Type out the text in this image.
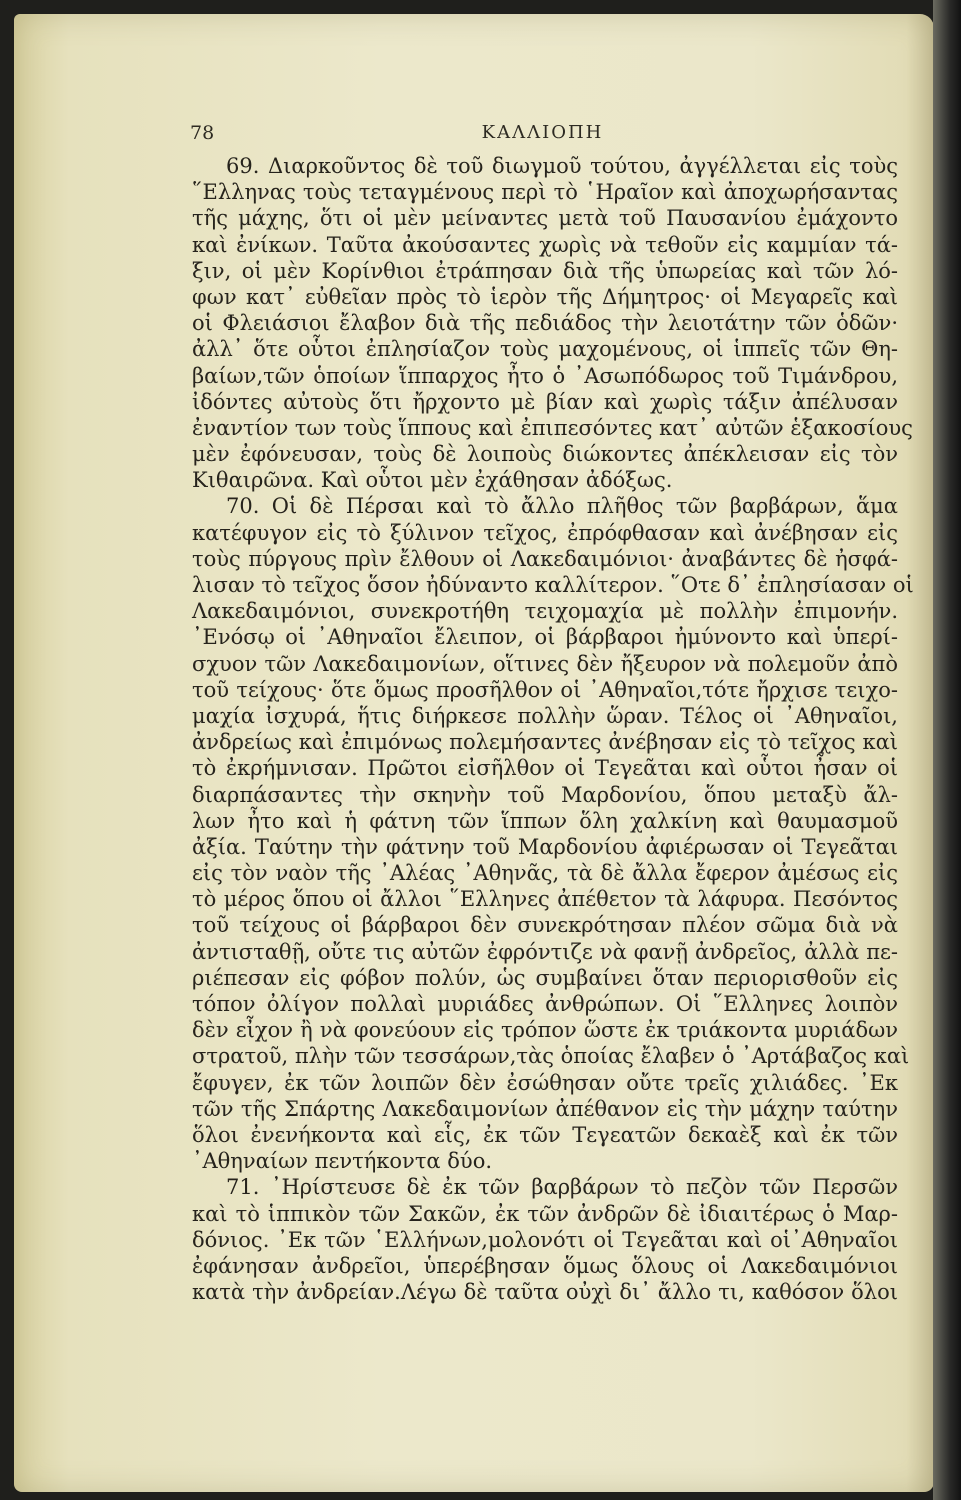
78	ΚΑΛΛΙΟΠΗ
69. Διαρκοῦντος δὲ τοῦ διωγμοῦ τούτου, ἀγγέλλεται εἰς τοὺς
῞Ελληνας τοὺς τεταγμένους περὶ τὸ ῾Ηραῖον καὶ ἀποχωρήσαντας
τῆς μάχης, ὅτι οἱ μὲν μείναντες μετὰ τοῦ Παυσανίου ἐμάχοντο
καὶ ἐνίκων. Ταῦτα ἀκούσαντες χωρὶς νὰ τεθοῦν εἰς καμμίαν τά-
ξιν, οἱ μὲν Κορίνθιοι ἐτράπησαν διὰ τῆς ὑπωρείας καὶ τῶν λό-
φων κατ᾿ εὐθεῖαν πρὸς τὸ ἱερὸν τῆς Δήμητρος· οἱ Μεγαρεῖς καὶ
οἱ Φλειάσιοι ἔλαβον διὰ τῆς πεδιάδος τὴν λειοτάτην τῶν ὁδῶν·
ἀλλ᾿ ὅτε οὗτοι ἐπλησίαζον τοὺς μαχομένους, οἱ ἱππεῖς τῶν Θη-
βαίων,τῶν ὁποίων ἵππαρχος ἦτο ὁ ᾿Ασωπόδωρος τοῦ Τιμάνδρου,
ἰδόντες αὐτοὺς ὅτι ἤρχοντο μὲ βίαν καὶ χωρὶς τάξιν ἀπέλυσαν
ἐναντίον των τοὺς ἵππους καὶ ἐπιπεσόντες κατ᾿ αὐτῶν ἑξακοσίους
μὲν ἐφόνευσαν, τοὺς δὲ λοιποὺς διώκοντες ἀπέκλεισαν εἰς τὸν
Κιθαιρῶνα. Καὶ οὗτοι μὲν ἐχάθησαν ἀδόξως.
70. Οἱ δὲ Πέρσαι καὶ τὸ ἄλλο πλῆθος τῶν βαρβάρων, ἅμα
κατέφυγον εἰς τὸ ξύλινον τεῖχος, ἐπρόφθασαν καὶ ἀνέβησαν εἰς
τοὺς πύργους πρὶν ἔλθουν οἱ Λακεδαιμόνιοι· ἀναβάντες δὲ ἠσφά-
λισαν τὸ τεῖχος ὅσον ἠδύναντο καλλίτερον. ῞Οτε δ᾿ ἐπλησίασαν οἱ
Λακεδαιμόνιοι, συνεκροτήθη τειχομαχία μὲ πολλὴν ἐπιμονήν.
᾿Ενόσῳ οἱ ᾿Αθηναῖοι ἔλειπον, οἱ βάρβαροι ἠμύνοντο καὶ ὑπερί-
σχυον τῶν Λακεδαιμονίων, οἵτινες δὲν ἤξευρον νὰ πολεμοῦν ἀπὸ
τοῦ τείχους· ὅτε ὅμως προσῆλθον οἱ ᾿Αθηναῖοι,τότε ἤρχισε τειχο-
μαχία ἰσχυρά, ἥτις διήρκεσε πολλὴν ὥραν. Τέλος οἱ ᾿Αθηναῖοι,
ἀνδρείως καὶ ἐπιμόνως πολεμήσαντες ἀνέβησαν εἰς τὸ τεῖχος καὶ
τὸ ἐκρήμνισαν. Πρῶτοι εἰσῆλθον οἱ Τεγεᾶται καὶ οὗτοι ἦσαν οἱ
διαρπάσαντες τὴν σκηνὴν τοῦ Μαρδονίου, ὅπου μεταξὺ ἄλ-
λων ἦτο καὶ ἡ φάτνη τῶν ἵππων ὅλη χαλκίνη καὶ θαυμασμοῦ
ἀξία. Ταύτην τὴν φάτνην τοῦ Μαρδονίου ἀφιέρωσαν οἱ Τεγεᾶται
εἰς τὸν ναὸν τῆς ᾿Αλέας ᾿Αθηνᾶς, τὰ δὲ ἄλλα ἔφερον ἀμέσως εἰς
τὸ μέρος ὅπου οἱ ἄλλοι ῞Ελληνες ἀπέθετον τὰ λάφυρα. Πεσόντος
τοῦ τείχους οἱ βάρβαροι δὲν συνεκρότησαν πλέον σῶμα διὰ νὰ
ἀντισταθῇ, οὔτε τις αὐτῶν ἐφρόντιζε νὰ φανῇ ἀνδρεῖος, ἀλλὰ πε-
ριέπεσαν εἰς φόβον πολύν, ὡς συμβαίνει ὅταν περιορισθοῦν εἰς
τόπον ὀλίγον πολλαὶ μυριάδες ἀνθρώπων. Οἱ ῞Ελληνες λοιπὸν
δὲν εἶχον ἢ νὰ φονεύουν εἰς τρόπον ὥστε ἐκ τριάκοντα μυριάδων
στρατοῦ, πλὴν τῶν τεσσάρων,τὰς ὁποίας ἔλαβεν ὁ ᾿Αρτάβαζος καὶ
ἔφυγεν, ἐκ τῶν λοιπῶν δὲν ἐσώθησαν οὔτε τρεῖς χιλιάδες. ᾿Εκ
τῶν τῆς Σπάρτης Λακεδαιμονίων ἀπέθανον εἰς τὴν μάχην ταύτην
ὅλοι ἐνενήκοντα καὶ εἷς, ἐκ τῶν Τεγεατῶν δεκαὲξ καὶ ἐκ τῶν
᾿Αθηναίων πεντήκοντα δύο.
71. ᾿Ηρίστευσε δὲ ἐκ τῶν βαρβάρων τὸ πεζὸν τῶν Περσῶν
καὶ τὸ ἱππικὸν τῶν Σακῶν, ἐκ τῶν ἀνδρῶν δὲ ἰδιαιτέρως ὁ Μαρ-
δόνιος. ᾿Εκ τῶν ῾Ελλήνων,μολονότι οἱ Τεγεᾶται καὶ οἱ᾿Αθηναῖοι
ἐφάνησαν ἀνδρεῖοι, ὑπερέβησαν ὅμως ὅλους οἱ Λακεδαιμόνιοι
κατὰ τὴν ἀνδρείαν.Λέγω δὲ ταῦτα οὐχὶ δι᾿ ἄλλο τι, καθόσον ὅλοι
